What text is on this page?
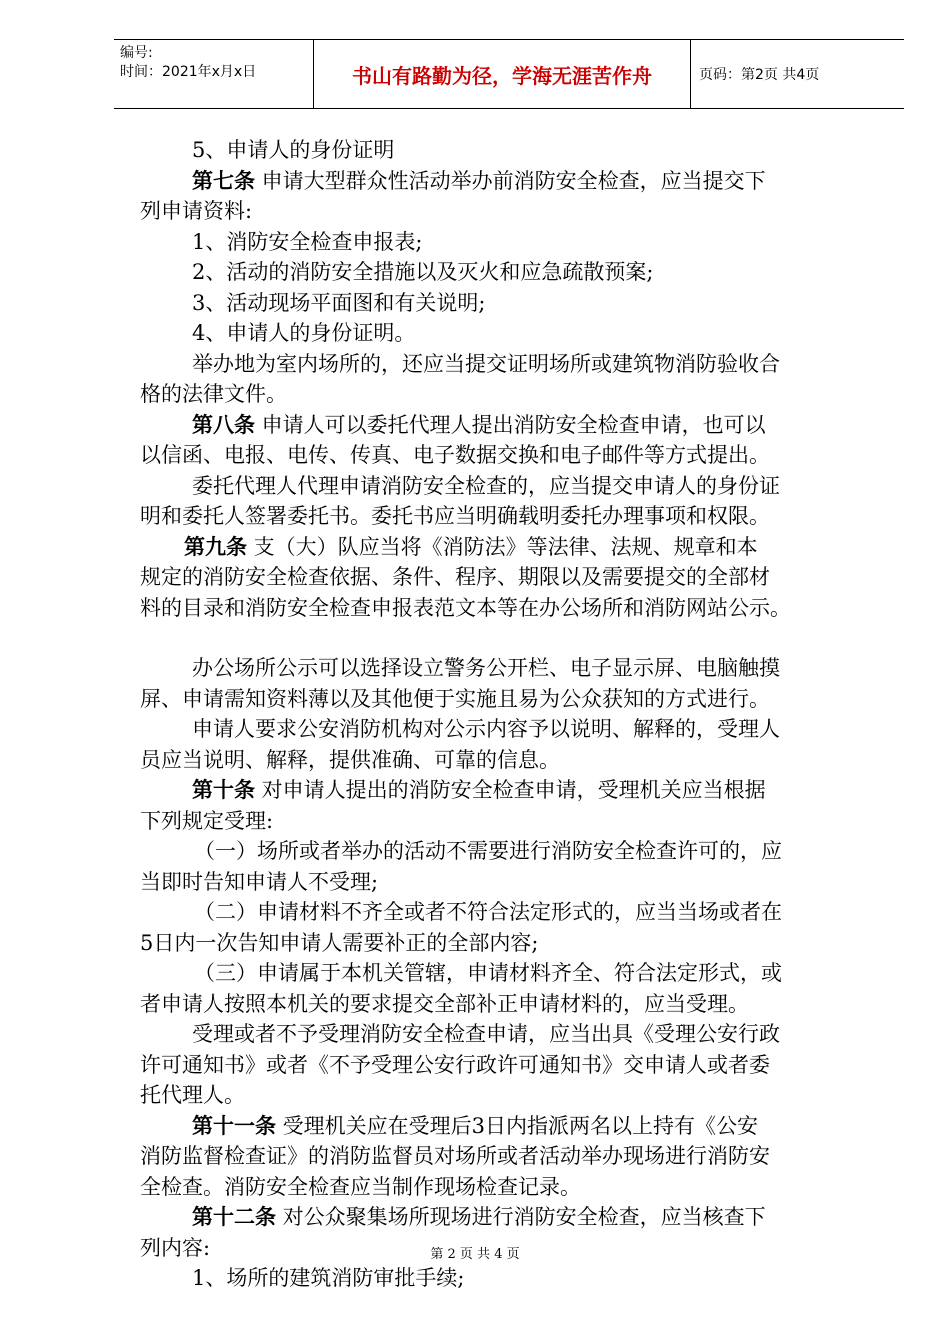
编号:
时间：2021年x月x日	书山有路勤为径，学海无涯苦作舟	页码：第2页 共4页

5、申请人的身份证明

第七条 申请大型群众性活动举办前消防安全检查，应当提交下

列申请资料:

1、消防安全检查申报表;

2、活动的消防安全措施以及灭火和应急疏散预案;

3、活动现场平面图和有关说明;

4、申请人的身份证明。

举办地为室内场所的，还应当提交证明场所或建筑物消防验收合

格的法律文件。

第八条 申请人可以委托代理人提出消防安全检查申请，也可以

以信函、电报、电传、传真、电子数据交换和电子邮件等方式提出。

委托代理人代理申请消防安全检查的，应当提交申请人的身份证

明和委托人签署委托书。委托书应当明确载明委托办理事项和权限。

第九条 支（大）队应当将《消防法》等法律、法规、规章和本

规定的消防安全检查依据、条件、程序、期限以及需要提交的全部材

料的目录和消防安全检查申报表范文本等在办公场所和消防网站公示。

办公场所公示可以选择设立警务公开栏、电子显示屏、电脑触摸

屏、申请需知资料薄以及其他便于实施且易为公众获知的方式进行。

申请人要求公安消防机构对公示内容予以说明、解释的，受理人

员应当说明、解释，提供准确、可靠的信息。

第十条 对申请人提出的消防安全检查申请，受理机关应当根据

下列规定受理:

（一）场所或者举办的活动不需要进行消防安全检查许可的，应

当即时告知申请人不受理;

（二）申请材料不齐全或者不符合法定形式的，应当当场或者在

5日内一次告知申请人需要补正的全部内容;

（三）申请属于本机关管辖，申请材料齐全、符合法定形式，或

者申请人按照本机关的要求提交全部补正申请材料的，应当受理。

受理或者不予受理消防安全检查申请，应当出具《受理公安行政

许可通知书》或者《不予受理公安行政许可通知书》交申请人或者委

托代理人。

第十一条 受理机关应在受理后3日内指派两名以上持有《公安

消防监督检查证》的消防监督员对场所或者活动举办现场进行消防安

全检查。消防安全检查应当制作现场检查记录。

第十二条 对公众聚集场所现场进行消防安全检查，应当核查下

列内容:

1、场所的建筑消防审批手续;

第 2 页 共 4 页
